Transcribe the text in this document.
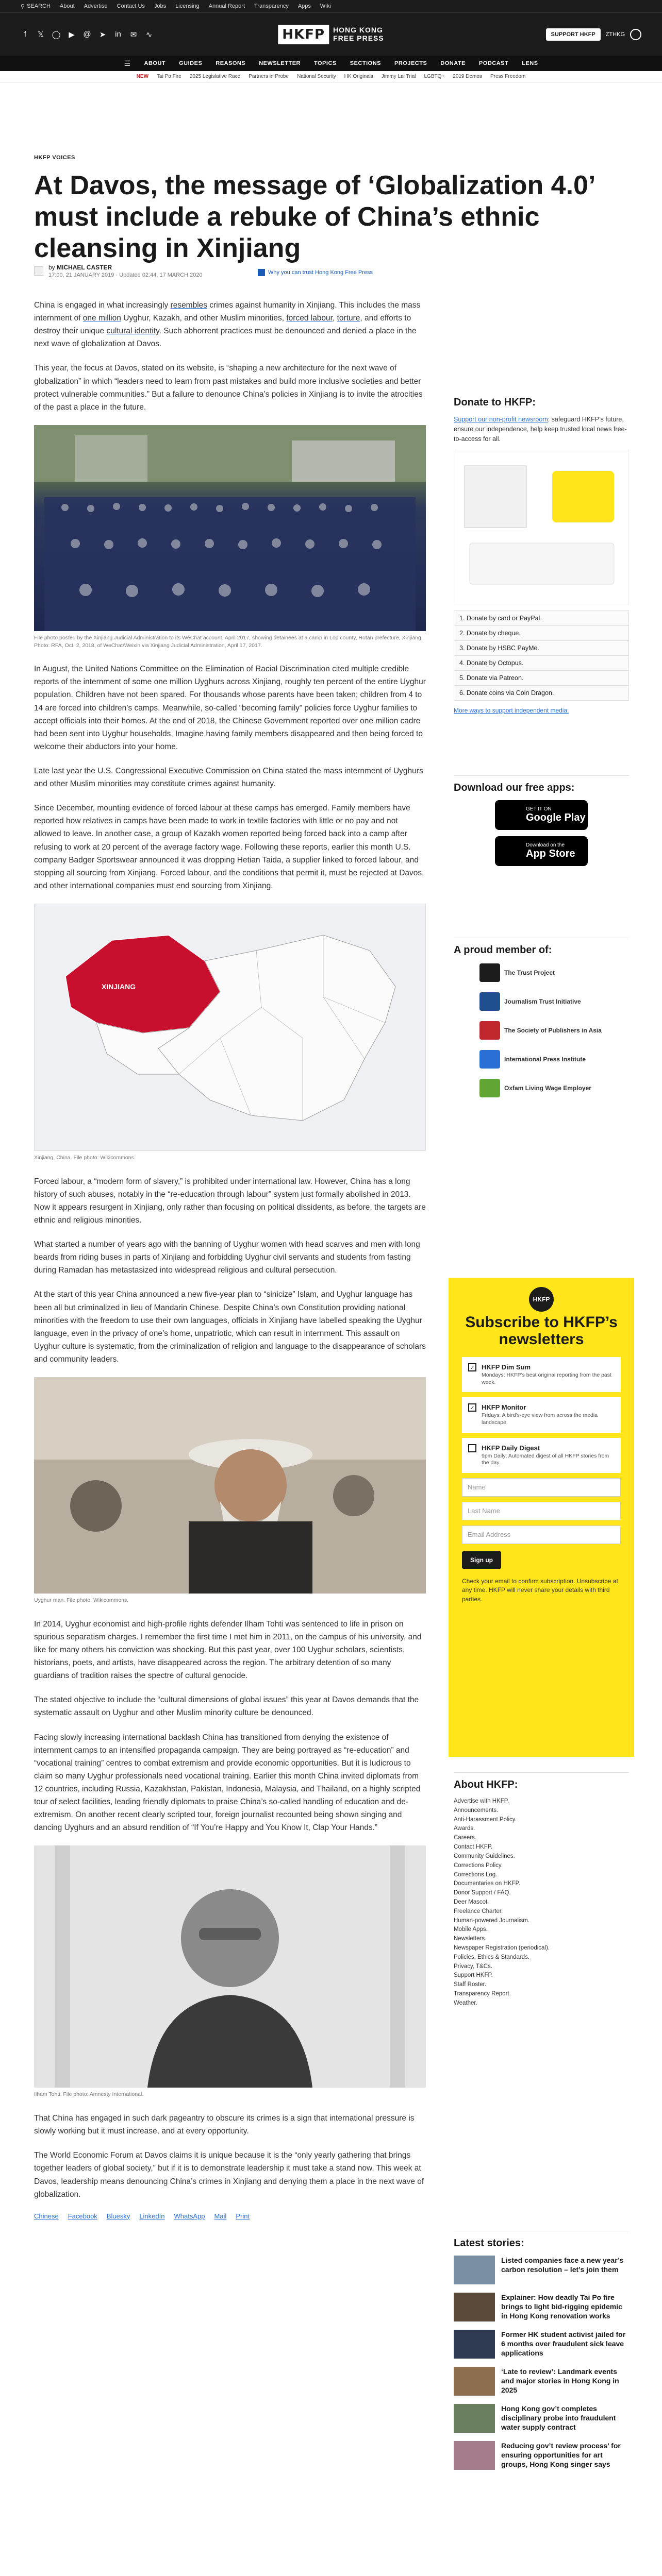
⚲ SEARCH About Advertise Contact Us Jobs Licensing Annual Report Transparency Apps Wiki
f	𝕏 ◯ ▶ @ ➤ in ✉ ∿	HKFP	HONG KONG
FREE PRESS	SUPPORT HKFP	ZTHKG
☰ ABOUT GUIDES REASONS NEWSLETTER TOPICS SECTIONS PROJECTS DONATE PODCAST LENS
NEW Tai Po Fire 2025 Legislative Race Partners in Probe National Security HK Originals Jimmy Lai Trial LGBTQ+ 2019 Demos Press Freedom
HKFP VOICES
At Davos, the message of ‘Globalization 4.0’ must include a rebuke of China’s ethnic cleansing in Xinjiang
by MICHAEL CASTER
17:00, 21 JANUARY 2019 · Updated 02:44, 17 MARCH 2020	Why you can trust Hong Kong Free Press

China is engaged in what increasingly resembles crimes against humanity in Xinjiang. This includes the mass internment of one million Uyghur, Kazakh, and other Muslim minorities, forced labour, torture, and efforts to destroy their unique cultural identity. Such abhorrent practices must be denounced and denied a place in the next wave of globalization at Davos.

This year, the focus at Davos, stated on its website, is “shaping a new architecture for the next wave of globalization” in which “leaders need to learn from past mistakes and build more inclusive societies and better protect vulnerable communities.” But a failure to denounce China’s policies in Xinjiang is to invite the atrocities of the past a place in the future.

File photo posted by the Xinjiang Judicial Administration to its WeChat account, April 2017, showing detainees at a camp in Lop county, Hotan prefecture, Xinjiang. Photo: RFA, Oct. 2, 2018, of WeChat/Weixin via Xinjiang Judicial Administration, April 17, 2017.

In August, the United Nations Committee on the Elimination of Racial Discrimination cited multiple credible reports of the internment of some one million Uyghurs across Xinjiang, roughly ten percent of the entire Uyghur population. Children have not been spared. For thousands whose parents have been taken; children from 4 to 14 are forced into children’s camps. Meanwhile, so-called “becoming family” policies force Uyghur families to accept officials into their homes. At the end of 2018, the Chinese Government reported over one million cadre had been sent into Uyghur households. Imagine having family members disappeared and then being forced to welcome their abductors into your home.

Late last year the U.S. Congressional Executive Commission on China stated the mass internment of Uyghurs and other Muslim minorities may constitute crimes against humanity.

Since December, mounting evidence of forced labour at these camps has emerged. Family members have reported how relatives in camps have been made to work in textile factories with little or no pay and not allowed to leave. In another case, a group of Kazakh women reported being forced back into a camp after refusing to work at 20 percent of the average factory wage. Following these reports, earlier this month U.S. company Badger Sportswear announced it was dropping Hetian Taida, a supplier linked to forced labour, and stopping all sourcing from Xinjiang. Forced labour, and the conditions that permit it, must be rejected at Davos, and other international companies must end sourcing from Xinjiang.

XINJIANG
Xinjiang, China. File photo: Wikicommons.

Forced labour, a “modern form of slavery,” is prohibited under international law. However, China has a long history of such abuses, notably in the “re-education through labour” system just formally abolished in 2013. Now it appears resurgent in Xinjiang, only rather than focusing on political dissidents, as before, the targets are ethnic and religious minorities.

What started a number of years ago with the banning of Uyghur women with head scarves and men with long beards from riding buses in parts of Xinjiang and forbidding Uyghur civil servants and students from fasting during Ramadan has metastasized into widespread religious and cultural persecution.

At the start of this year China announced a new five-year plan to “sinicize” Islam, and Uyghur language has been all but criminalized in lieu of Mandarin Chinese. Despite China’s own Constitution providing national minorities with the freedom to use their own languages, officials in Xinjiang have labelled speaking the Uyghur language, even in the privacy of one’s home, unpatriotic, which can result in internment. This assault on Uyghur culture is systematic, from the criminalization of religion and language to the disappearance of scholars and community leaders.

Uyghur man. File photo: Wikicommons.

In 2014, Uyghur economist and high-profile rights defender Ilham Tohti was sentenced to life in prison on spurious separatism charges. I remember the first time I met him in 2011, on the campus of his university, and like for many others his conviction was shocking. But this past year, over 100 Uyghur scholars, scientists, historians, poets, and artists, have disappeared across the region. The arbitrary detention of so many guardians of tradition raises the spectre of cultural genocide.

The stated objective to include the “cultural dimensions of global issues” this year at Davos demands that the systematic assault on Uyghur and other Muslim minority culture be denounced.

Facing slowly increasing international backlash China has transitioned from denying the existence of internment camps to an intensified propaganda campaign. They are being portrayed as “re-education” and “vocational training” centres to combat extremism and provide economic opportunities. But it is ludicrous to claim so many Uyghur professionals need vocational training. Earlier this month China invited diplomats from 12 countries, including Russia, Kazakhstan, Pakistan, Indonesia, Malaysia, and Thailand, on a highly scripted tour of select facilities, leading friendly diplomats to praise China’s so-called handling of education and de-extremism. On another recent clearly scripted tour, foreign journalist recounted being shown singing and dancing Uyghurs and an absurd rendition of “If You’re Happy and You Know It, Clap Your Hands.”

Ilham Tohti. File photo: Amnesty International.

That China has engaged in such dark pageantry to obscure its crimes is a sign that international pressure is slowly working but it must increase, and at every opportunity.

The World Economic Forum at Davos claims it is unique because it is the “only yearly gathering that brings together leaders of global society,” but if it is to demonstrate leadership it must take a stand now. This week at Davos, leadership means denouncing China’s crimes in Xinjiang and denying them a place in the next wave of globalization.

Chinese Facebook Bluesky LinkedIn WhatsApp Mail Print
Donate to HKFP:
Support our non-profit newsroom: safeguard HKFP’s future, ensure our independence, help keep trusted local news free-to-access for all.
1. Donate by card or PayPal.
2. Donate by cheque.
3. Donate by HSBC PayMe.
4. Donate by Octopus.
5. Donate via Patreon.
6. Donate coins via Coin Dragon.
More ways to support independent media.
Download our free apps:
GET IT ON
Google Play
Download on the
App Store
A proud member of:
The Trust Project
Journalism Trust Initiative
The Society of Publishers in Asia
International Press Institute
Oxfam Living Wage Employer
HKFP
Subscribe to HKFP’s newsletters
✓ HKFP Dim Sum
Mondays: HKFP’s best original reporting from the past week.
✓ HKFP Monitor
Fridays: A bird’s-eye view from across the media landscape.
HKFP Daily Digest
9pm Daily: Automated digest of all HKFP stories from the day.
Name
Last Name
Email Address
Sign up
Check your email to confirm subscription. Unsubscribe at any time. HKFP will never share your details with third parties.
About HKFP:
Advertise with HKFP.
Announcements.
Anti-Harassment Policy.
Awards.
Careers.
Contact HKFP.
Community Guidelines.
Corrections Policy.
Corrections Log.
Documentaries on HKFP.
Donor Support / FAQ.
Deer Mascot.
Freelance Charter.
Human-powered Journalism.
Mobile Apps.
Newsletters.
Newspaper Registration (periodical).
Policies, Ethics & Standards.
Privacy, T&Cs.
Support HKFP.
Staff Roster.
Transparency Report.
Weather.
Latest stories:
Listed companies face a new year’s carbon resolution – let’s join them
Explainer: How deadly Tai Po fire brings to light bid-rigging epidemic in Hong Kong renovation works
Former HK student activist jailed for 6 months over fraudulent sick leave applications
‘Late to review’: Landmark events and major stories in Hong Kong in 2025
Hong Kong gov’t completes disciplinary probe into fraudulent water supply contract
Reducing gov’t review process’ for ensuring opportunities for art groups, Hong Kong singer says
